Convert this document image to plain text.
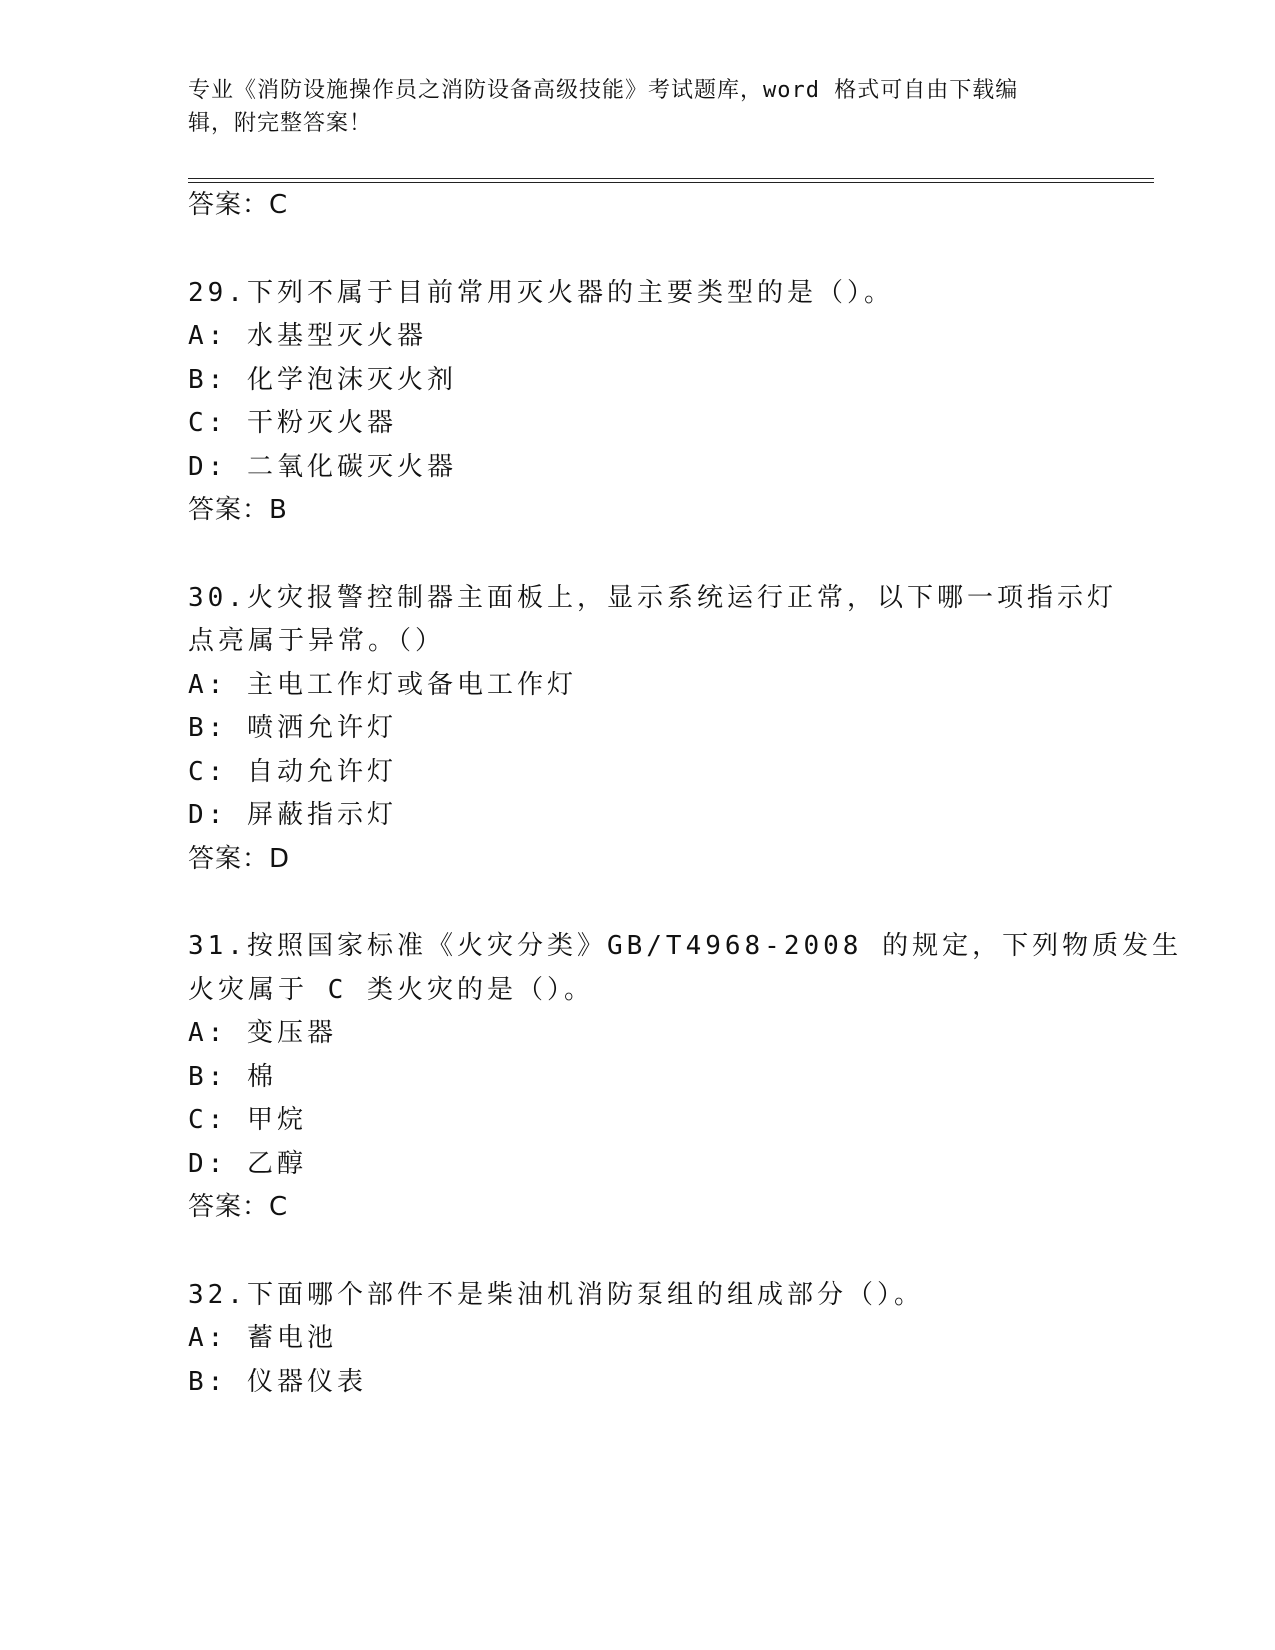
专业《消防设施操作员之消防设备高级技能》考试题库，word 格式可自由下载编
辑，附完整答案！
答案：C
29.下列不属于目前常用灭火器的主要类型的是（）。
A: 水基型灭火器
B: 化学泡沫灭火剂
C: 干粉灭火器
D: 二氧化碳灭火器
答案：B
30.火灾报警控制器主面板上，显示系统运行正常，以下哪一项指示灯
点亮属于异常。（）
A: 主电工作灯或备电工作灯
B: 喷洒允许灯
C: 自动允许灯
D: 屏蔽指示灯
答案：D
31.按照国家标准《火灾分类》GB/T4968-2008 的规定，下列物质发生
火灾属于 C 类火灾的是（）。
A: 变压器
B: 棉
C: 甲烷
D: 乙醇
答案：C
32.下面哪个部件不是柴油机消防泵组的组成部分（）。
A: 蓄电池
B: 仪器仪表
